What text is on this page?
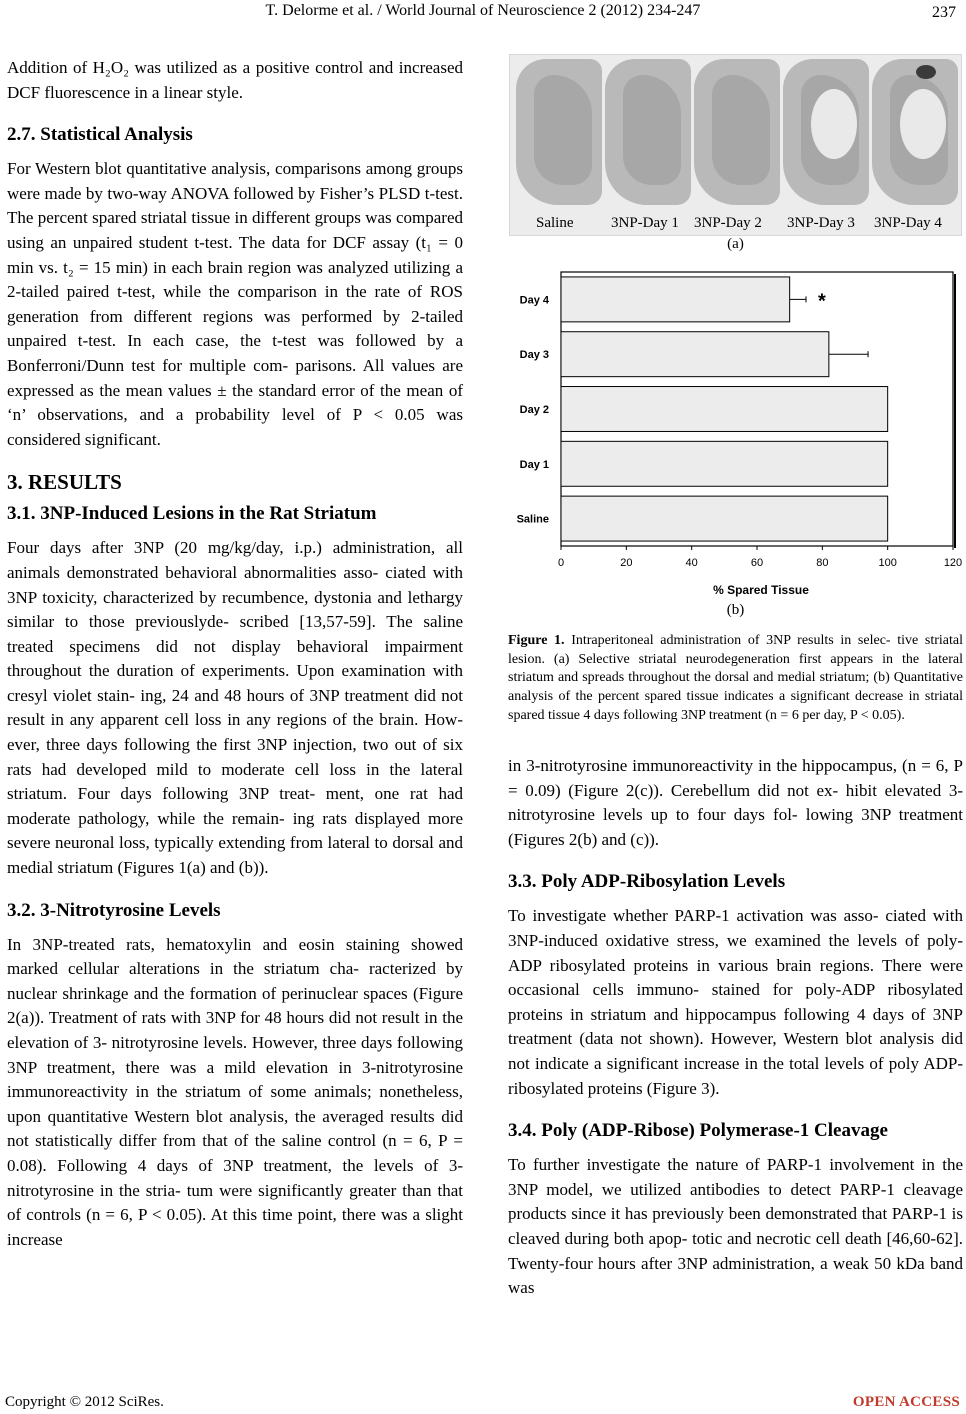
T. Delorme et al. / World Journal of Neuroscience 2 (2012) 234-247	237

Addition of H₂O₂ was utilized as a positive control and increased DCF fluorescence in a linear style.

2.7. Statistical Analysis

For Western blot quantitative analysis, comparisons among groups were made by two-way ANOVA followed by Fisher’s PLSD t-test. The percent spared striatal tissue in different groups was compared using an unpaired student t-test. The data for DCF assay (t₁ = 0 min vs. t₂ = 15 min) in each brain region was analyzed utilizing a 2-tailed paired t-test, while the comparison in the rate of ROS generation from different regions was performed by 2-tailed unpaired t-test. In each case, the t-test was followed by a Bonferroni/Dunn test for multiple com- parisons. All values are expressed as the mean values ± the standard error of the mean of ‘n’ observations, and a probability level of P < 0.05 was considered significant.

3. RESULTS
3.1. 3NP-Induced Lesions in the Rat Striatum

Four days after 3NP (20 mg/kg/day, i.p.) administration, all animals demonstrated behavioral abnormalities asso- ciated with 3NP toxicity, characterized by recumbence, dystonia and lethargy similar to those previouslyde- scribed [13,57-59]. The saline treated specimens did not display behavioral impairment throughout the duration of experiments. Upon examination with cresyl violet stain- ing, 24 and 48 hours of 3NP treatment did not result in any apparent cell loss in any regions of the brain. How- ever, three days following the first 3NP injection, two out of six rats had developed mild to moderate cell loss in the lateral striatum. Four days following 3NP treat- ment, one rat had moderate pathology, while the remain- ing rats displayed more severe neuronal loss, typically extending from lateral to dorsal and medial striatum (Figures 1(a) and (b)).

3.2. 3-Nitrotyrosine Levels

In 3NP-treated rats, hematoxylin and eosin staining showed marked cellular alterations in the striatum cha- racterized by nuclear shrinkage and the formation of perinuclear spaces (Figure 2(a)). Treatment of rats with 3NP for 48 hours did not result in the elevation of 3- nitrotyrosine levels. However, three days following 3NP treatment, there was a mild elevation in 3-nitrotyrosine immunoreactivity in the striatum of some animals; nonetheless, upon quantitative Western blot analysis, the averaged results did not statistically differ from that of the saline control (n = 6, P = 0.08). Following 4 days of 3NP treatment, the levels of 3-nitrotyrosine in the stria- tum were significantly greater than that of controls (n = 6, P < 0.05). At this time point, there was a slight increase

Saline	3NP-Day 1 3NP-Day 2 3NP-Day 3 3NP-Day 4
(a)
Day 4	*
Day 3
Day 2
Day 1
Saline
0	20	40	60	80	100	120
% Spared Tissue
(b)
Figure 1. Intraperitoneal administration of 3NP results in selec- tive striatal lesion. (a) Selective striatal neurodegeneration first appears in the lateral striatum and spreads throughout the dorsal and medial striatum; (b) Quantitative analysis of the percent spared tissue indicates a significant decrease in striatal spared tissue 4 days following 3NP treatment (n = 6 per day, P < 0.05).

in 3-nitrotyrosine immunoreactivity in the hippocampus, (n = 6, P = 0.09) (Figure 2(c)). Cerebellum did not ex- hibit elevated 3-nitrotyrosine levels up to four days fol- lowing 3NP treatment (Figures 2(b) and (c)).

3.3. Poly ADP-Ribosylation Levels

To investigate whether PARP-1 activation was asso- ciated with 3NP-induced oxidative stress, we examined the levels of poly-ADP ribosylated proteins in various brain regions. There were occasional cells immuno- stained for poly-ADP ribosylated proteins in striatum and hippocampus following 4 days of 3NP treatment (data not shown). However, Western blot analysis did not indicate a significant increase in the total levels of poly ADP-ribosylated proteins (Figure 3).

3.4. Poly (ADP-Ribose) Polymerase-1 Cleavage

To further investigate the nature of PARP-1 involvement in the 3NP model, we utilized antibodies to detect PARP-1 cleavage products since it has previously been demonstrated that PARP-1 is cleaved during both apop- totic and necrotic cell death [46,60-62]. Twenty-four hours after 3NP administration, a weak 50 kDa band was

Copyright © 2012 SciRes.	OPEN ACCESS
